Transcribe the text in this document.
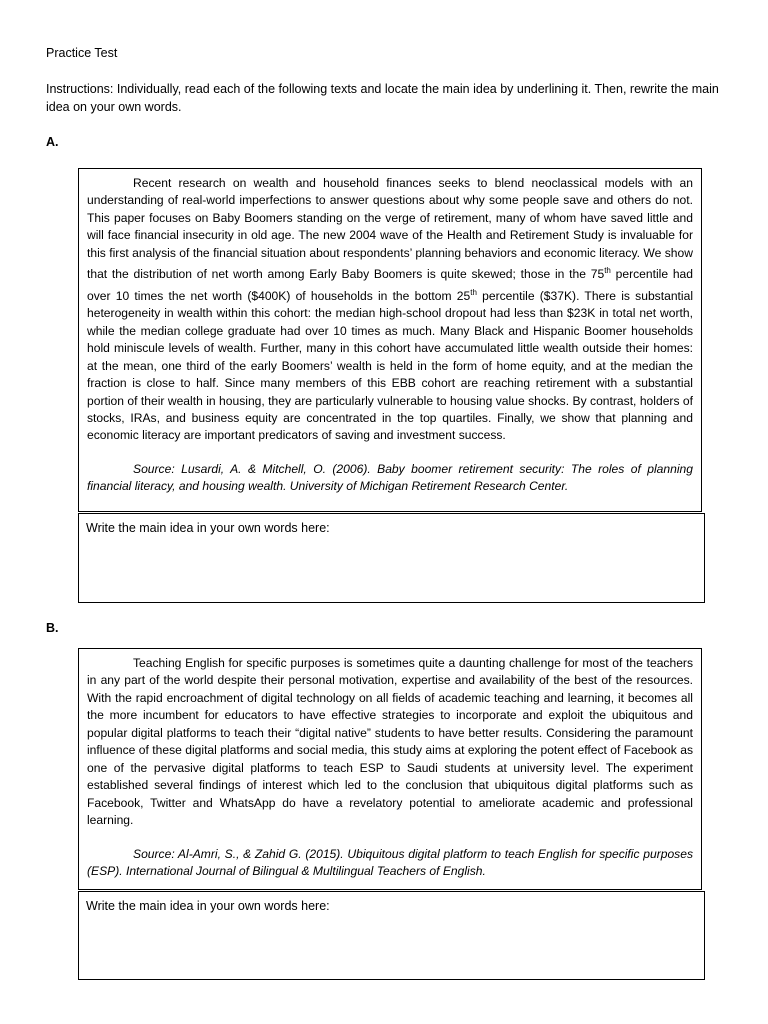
Practice Test
Instructions: Individually, read each of the following texts and locate the main idea by underlining it. Then, rewrite the main idea on your own words.
A.

Recent research on wealth and household finances seeks to blend neoclassical models with an understanding of real-world imperfections to answer questions about why some people save and others do not. This paper focuses on Baby Boomers standing on the verge of retirement, many of whom have saved little and will face financial insecurity in old age. The new 2004 wave of the Health and Retirement Study is invaluable for this first analysis of the financial situation about respondents’ planning behaviors and economic literacy. We show that the distribution of net worth among Early Baby Boomers is quite skewed; those in the 75th percentile had over 10 times the net worth ($400K) of households in the bottom 25th percentile ($37K). There is substantial heterogeneity in wealth within this cohort: the median high-school dropout had less than $23K in total net worth, while the median college graduate had over 10 times as much. Many Black and Hispanic Boomer households hold miniscule levels of wealth. Further, many in this cohort have accumulated little wealth outside their homes: at the mean, one third of the early Boomers’ wealth is held in the form of home equity, and at the median the fraction is close to half. Since many members of this EBB cohort are reaching retirement with a substantial portion of their wealth in housing, they are particularly vulnerable to housing value shocks. By contrast, holders of stocks, IRAs, and business equity are concentrated in the top quartiles. Finally, we show that planning and economic literacy are important predicators of saving and investment success.

Source: Lusardi, A. & Mitchell, O. (2006). Baby boomer retirement security: The roles of planning financial literacy, and housing wealth. University of Michigan Retirement Research Center.

Write the main idea in your own words here:
B.

Teaching English for specific purposes is sometimes quite a daunting challenge for most of the teachers in any part of the world despite their personal motivation, expertise and availability of the best of the resources. With the rapid encroachment of digital technology on all fields of academic teaching and learning, it becomes all the more incumbent for educators to have effective strategies to incorporate and exploit the ubiquitous and popular digital platforms to teach their “digital native” students to have better results. Considering the paramount influence of these digital platforms and social media, this study aims at exploring the potent effect of Facebook as one of the pervasive digital platforms to teach ESP to Saudi students at university level. The experiment established several findings of interest which led to the conclusion that ubiquitous digital platforms such as Facebook, Twitter and WhatsApp do have a revelatory potential to ameliorate academic and professional learning.

Source: Al-Amri, S., & Zahid G. (2015). Ubiquitous digital platform to teach English for specific purposes (ESP). International Journal of Bilingual & Multilingual Teachers of English.

Write the main idea in your own words here:
